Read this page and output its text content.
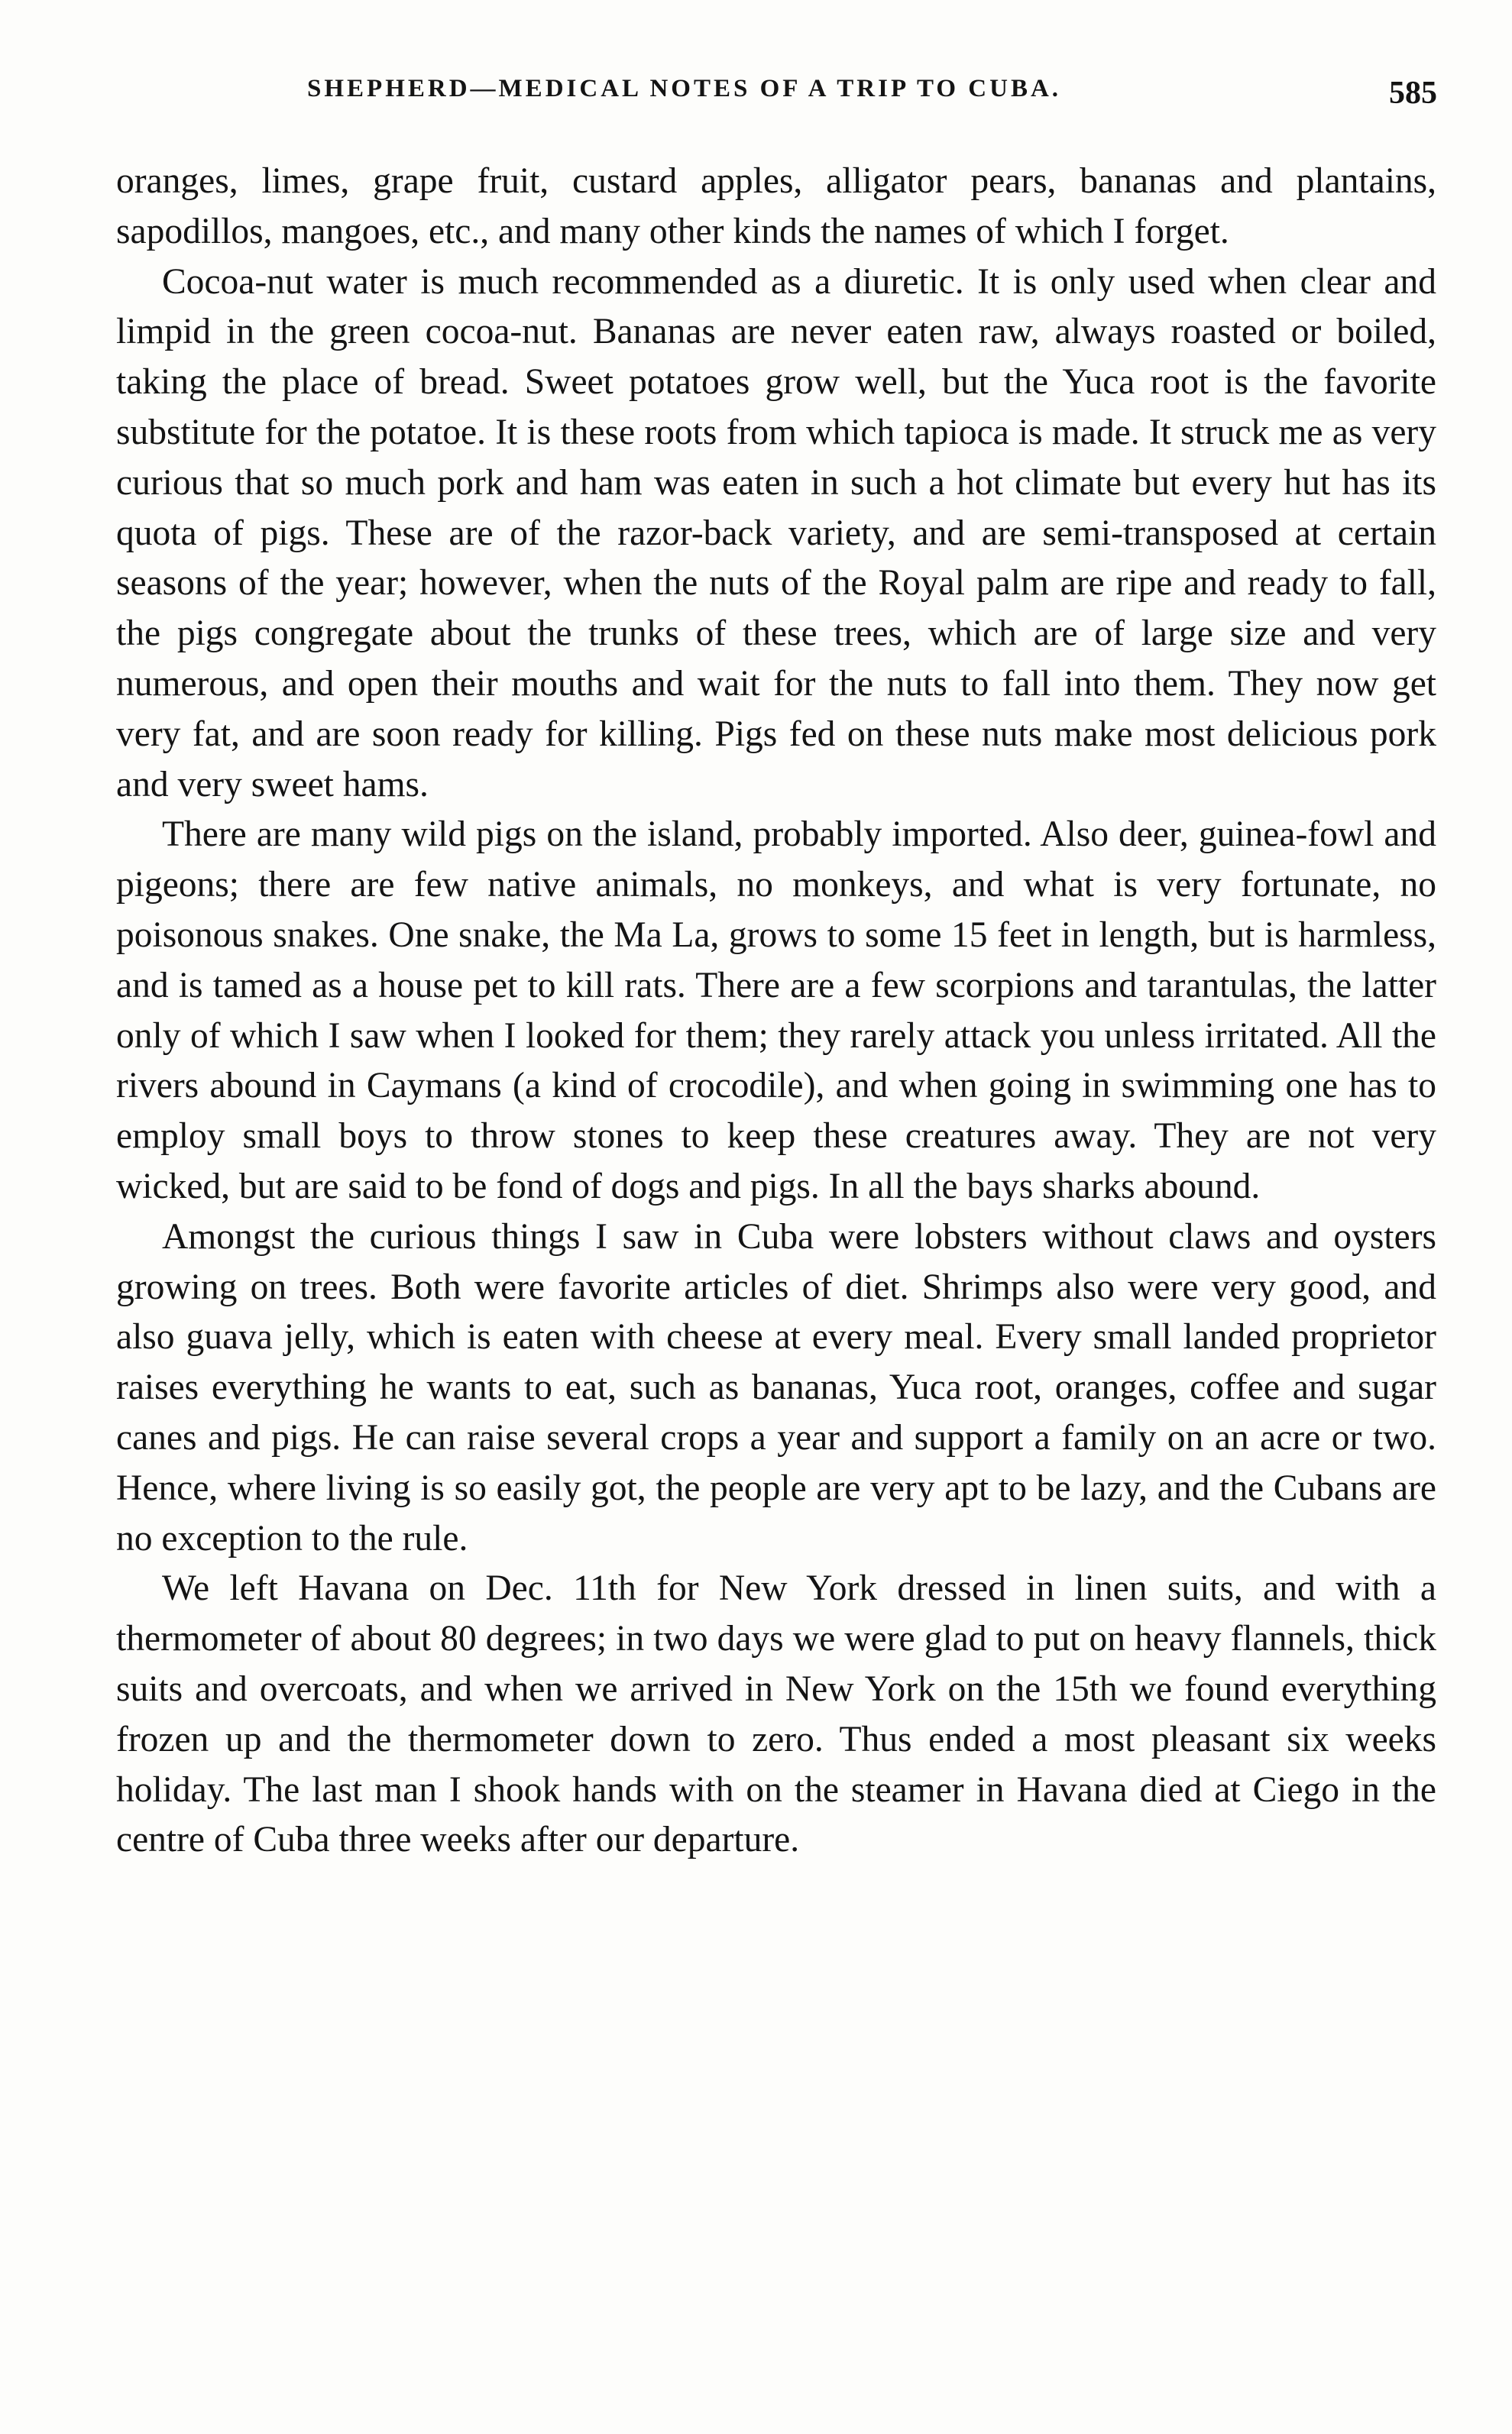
SHEPHERD—MEDICAL NOTES OF A TRIP TO CUBA.	585

oranges, limes, grape fruit, custard apples, alligator pears, bananas and plantains, sapodillos, mangoes, etc., and many other kinds the names of which I forget.

Cocoa-nut water is much recommended as a diuretic. It is only used when clear and limpid in the green cocoa-nut. Bananas are never eaten raw, always roasted or boiled, taking the place of bread. Sweet potatoes grow well, but the Yuca root is the favorite substitute for the potatoe. It is these roots from which tapioca is made. It struck me as very curious that so much pork and ham was eaten in such a hot climate but every hut has its quota of pigs. These are of the razor-back variety, and are semi-transposed at certain seasons of the year; however, when the nuts of the Royal palm are ripe and ready to fall, the pigs congregate about the trunks of these trees, which are of large size and very numerous, and open their mouths and wait for the nuts to fall into them. They now get very fat, and are soon ready for killing. Pigs fed on these nuts make most delicious pork and very sweet hams.

There are many wild pigs on the island, probably imported. Also deer, guinea-fowl and pigeons; there are few native animals, no monkeys, and what is very fortunate, no poisonous snakes. One snake, the Ma La, grows to some 15 feet in length, but is harmless, and is tamed as a house pet to kill rats. There are a few scorpions and tarantulas, the latter only of which I saw when I looked for them; they rarely attack you unless irritated. All the rivers abound in Caymans (a kind of crocodile), and when going in swimming one has to employ small boys to throw stones to keep these creatures away. They are not very wicked, but are said to be fond of dogs and pigs. In all the bays sharks abound.

Amongst the curious things I saw in Cuba were lobsters without claws and oysters growing on trees. Both were favorite articles of diet. Shrimps also were very good, and also guava jelly, which is eaten with cheese at every meal. Every small landed proprietor raises everything he wants to eat, such as bananas, Yuca root, oranges, coffee and sugar canes and pigs. He can raise several crops a year and support a family on an acre or two. Hence, where living is so easily got, the people are very apt to be lazy, and the Cubans are no exception to the rule.

We left Havana on Dec. 11th for New York dressed in linen suits, and with a thermometer of about 80 degrees; in two days we were glad to put on heavy flannels, thick suits and overcoats, and when we arrived in New York on the 15th we found everything frozen up and the thermometer down to zero. Thus ended a most pleasant six weeks holiday. The last man I shook hands with on the steamer in Havana died at Ciego in the centre of Cuba three weeks after our departure.
